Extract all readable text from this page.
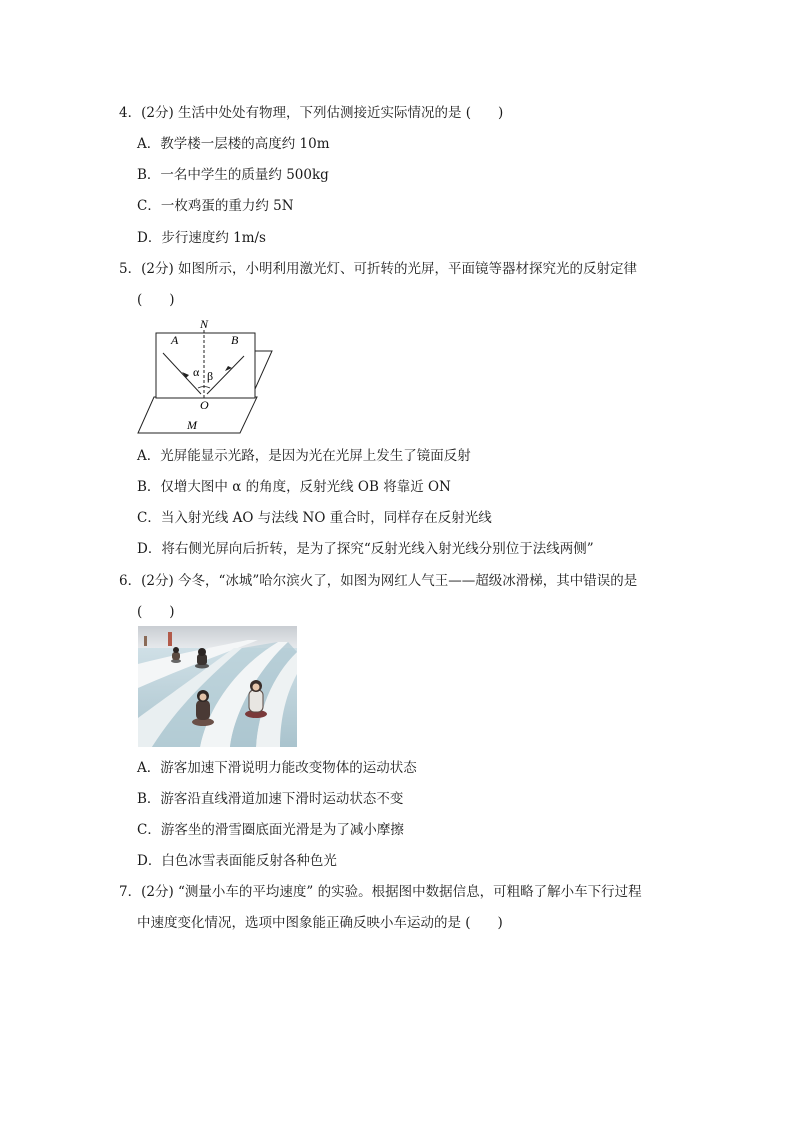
4．(2分) 生活中处处有物理，下列估测接近实际情况的是 (　　)
A．教学楼一层楼的高度约 10m
B．一名中学生的质量约 500kg
C．一枚鸡蛋的重力约 5N
D．步行速度约 1m/s
5．(2分) 如图所示，小明利用激光灯、可折转的光屏，平面镜等器材探究光的反射定律
(　　)
N
A	B
α β
O
M
A．光屏能显示光路，是因为光在光屏上发生了镜面反射
B．仅增大图中 α 的角度，反射光线 OB 将靠近 ON
C．当入射光线 AO 与法线 NO 重合时，同样存在反射光线
D．将右侧光屏向后折转，是为了探究“反射光线入射光线分别位于法线两侧”
6．(2分) 今冬，“冰城”哈尔滨火了，如图为网红人气王——超级冰滑梯，其中错误的是
(　　)
A．游客加速下滑说明力能改变物体的运动状态
B．游客沿直线滑道加速下滑时运动状态不变
C．游客坐的滑雪圈底面光滑是为了减小摩擦
D．白色冰雪表面能反射各种色光
7．(2分) “测量小车的平均速度” 的实验。根据图中数据信息，可粗略了解小车下行过程
中速度变化情况，选项中图象能正确反映小车运动的是 (　　)
